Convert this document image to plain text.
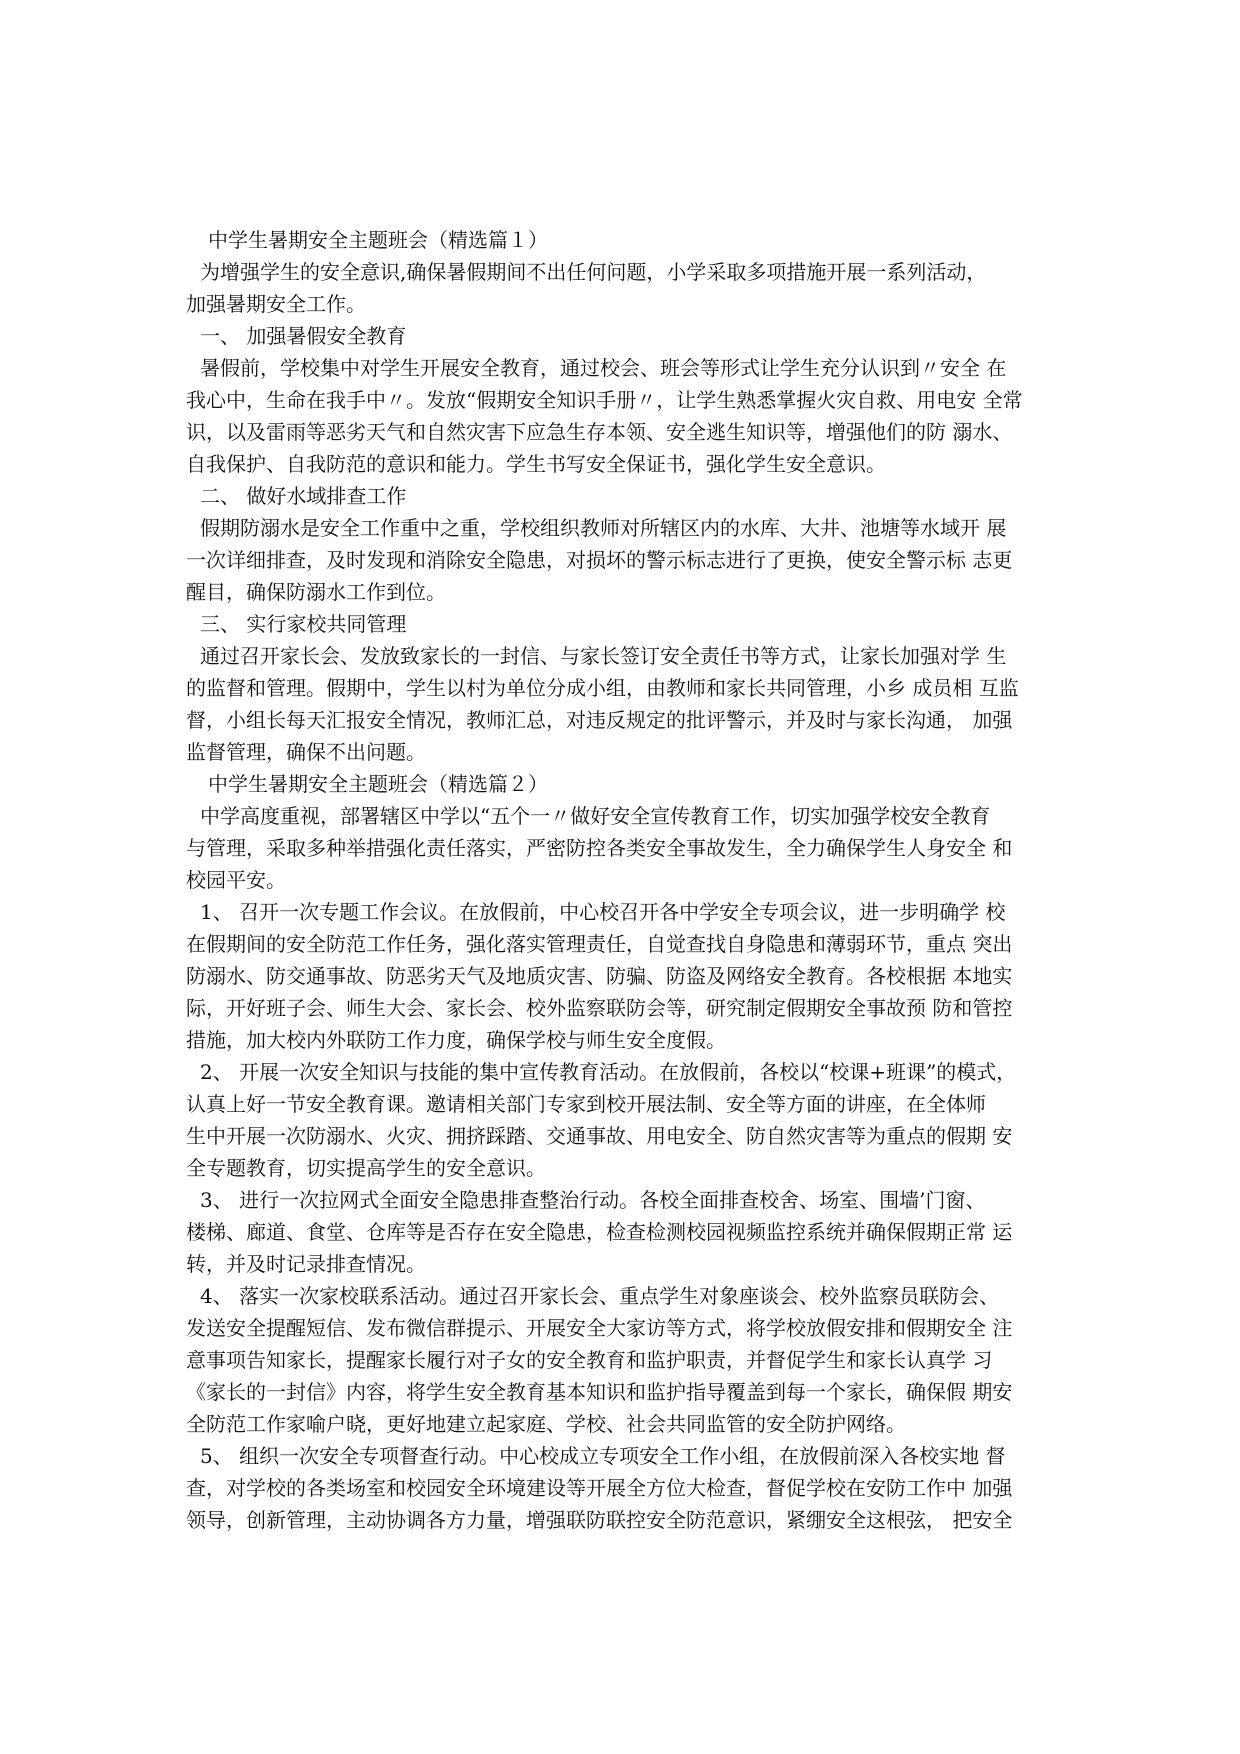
中学生暑期安全主题班会（精选篇１）
为增强学生的安全意识,确保暑假期间不出任何问题，小学采取多项措施开展一系列活动，
加强暑期安全工作。
一、 加强暑假安全教育
暑假前，学校集中对学生开展安全教育，通过校会、班会等形式让学生充分认识到〃安全 在
我心中，生命在我手中〃。发放“假期安全知识手册〃，让学生熟悉掌握火灾自救、用电安 全常
识，以及雷雨等恶劣天气和自然灾害下应急生存本领、安全逃生知识等，增强他们的防 溺水、
自我保护、自我防范的意识和能力。学生书写安全保证书，强化学生安全意识。
二、 做好水域排查工作
假期防溺水是安全工作重中之重，学校组织教师对所辖区内的水库、大井、池塘等水域开 展
一次详细排查，及时发现和消除安全隐患，对损坏的警示标志进行了更换，使安全警示标 志更
醒目，确保防溺水工作到位。
三、 实行家校共同管理
通过召开家长会、发放致家长的一封信、与家长签订安全责任书等方式，让家长加强对学 生
的监督和管理。假期中，学生以村为单位分成小组，由教师和家长共同管理，小乡 成员相 互监
督，小组长每天汇报安全情况，教师汇总，对违反规定的批评警示，并及时与家长沟通， 加强
监督管理，确保不出问题。
中学生暑期安全主题班会（精选篇２）
中学高度重视，部署辖区中学以“五个一〃做好安全宣传教育工作，切实加强学校安全教育
与管理，采取多种举措强化责任落实，严密防控各类安全事故发生，全力确保学生人身安全 和
校园平安。
1、 召开一次专题工作会议。在放假前，中心校召开各中学安全专项会议，进一步明确学 校
在假期间的安全防范工作任务，强化落实管理责任，自觉查找自身隐患和薄弱环节，重点 突出
防溺水、防交通事故、防恶劣天气及地质灾害、防骗、防盗及网络安全教育。各校根据 本地实
际，开好班子会、师生大会、家长会、校外监察联防会等，研究制定假期安全事故预 防和管控
措施，加大校内外联防工作力度，确保学校与师生安全度假。
2、 开展一次安全知识与技能的集中宣传教育活动。在放假前，各校以“校课+班课”的模式，
认真上好一节安全教育课。邀请相关部门专家到校开展法制、安全等方面的讲座，在全体师
生中开展一次防溺水、火灾、拥挤踩踏、交通事故、用电安全、防自然灾害等为重点的假期 安
全专题教育，切实提高学生的安全意识。
3、 进行一次拉网式全面安全隐患排查整治行动。各校全面排查校舍、场室、围墙’门窗、
楼梯、廊道、食堂、仓库等是否存在安全隐患，检查检测校园视频监控系统并确保假期正常 运
转，并及时记录排查情况。
4、 落实一次家校联系活动。通过召开家长会、重点学生对象座谈会、校外监察员联防会、
发送安全提醒短信、发布微信群提示、开展安全大家访等方式，将学校放假安排和假期安全 注
意事项告知家长，提醒家长履行对子女的安全教育和监护职责，并督促学生和家长认真学 习
《家长的一封信》内容，将学生安全教育基本知识和监护指导覆盖到每一个家长，确保假 期安
全防范工作家喻户晓，更好地建立起家庭、学校、社会共同监管的安全防护网络。
5、 组织一次安全专项督查行动。中心校成立专项安全工作小组，在放假前深入各校实地 督
查，对学校的各类场室和校园安全环境建设等开展全方位大检查，督促学校在安防工作中 加强
领导，创新管理，主动协调各方力量，增强联防联控安全防范意识，紧绷安全这根弦， 把安全
